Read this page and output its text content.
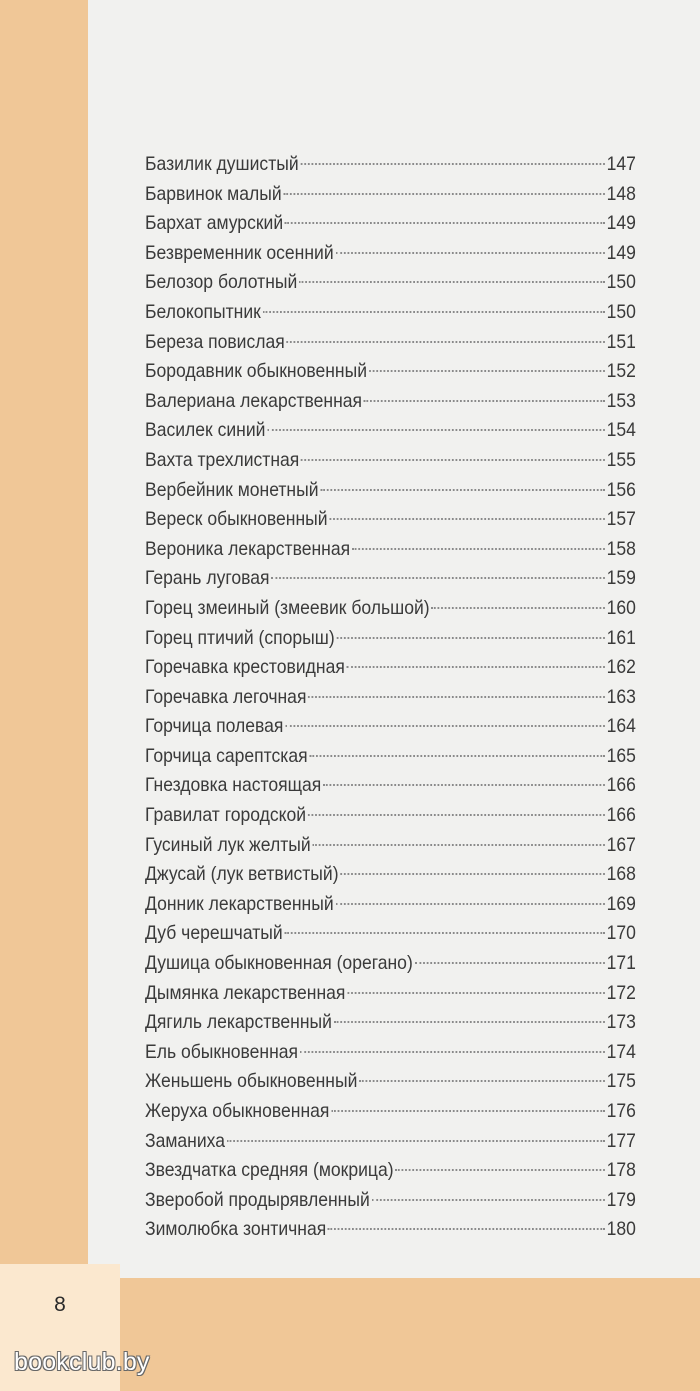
8
bookclub.by
Базилик душистый	147
Барвинок малый	148
Бархат амурский	149
Безвременник осенний	149
Белозор болотный	150
Белокопытник	150
Береза повислая	151
Бородавник обыкновенный	152
Валериана лекарственная	153
Василек синий	154
Вахта трехлистная	155
Вербейник монетный	156
Вереск обыкновенный	157
Вероника лекарственная	158
Герань луговая	159
Горец змеиный (змеевик большой)	160
Горец птичий (спорыш)	161
Горечавка крестовидная	162
Горечавка легочная	163
Горчица полевая	164
Горчица сарептская	165
Гнездовка настоящая	166
Гравилат городской	166
Гусиный лук желтый	167
Джусай (лук ветвистый)	168
Донник лекарственный	169
Дуб черешчатый	170
Душица обыкновенная (орегано)	171
Дымянка лекарственная	172
Дягиль лекарственный	173
Ель обыкновенная	174
Женьшень обыкновенный	175
Жеруха обыкновенная	176
Заманиха	177
Звездчатка средняя (мокрица)	178
Зверобой продырявленный	179
Зимолюбка зонтичная	180
